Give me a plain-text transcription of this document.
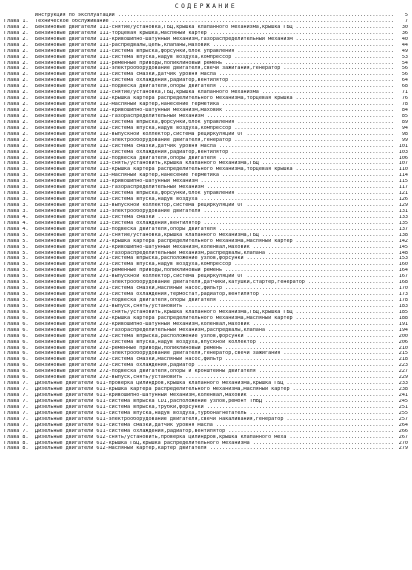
СОДЕРЖАНИЕ
Инструкция по эксплуатации .....	5
Глава 1.	Техническое обслуживание .....	7
Глава 2.	Бензиновые двигатели 111-снятие/установка,ГБЦ,крышка клапанного механизма,крышка ГБЦ .....	30
Глава 2.	Бензиновые двигатели 111-торцевая крышка,масляный картер .....	36
Глава 2.	Бензиновые двигатели 111-кривошипно-шатунный механизм,газораспределительный механизм .....	40
Глава 2.	Бензиновые двигатели 111-распредвалы,цепь,клапаны,маховик .....	44
Глава 2.	Бензиновые двигатели 111-система впрыска,форсунки,блок управления .....	49
Глава 2.	Бензиновые двигатели 111-система впуска,надув воздуха,компрессор .....	53
Глава 2.	Бензиновые двигатели 111-ременные приводы,поликлиновый ремень .....	54
Глава 2.	Бензиновые двигатели 111-электрооборудование двигателя,свечи зажигания,генератор .....	56
Глава 2.	Бензиновые двигатели 111-система смазки,датчик уровня масла .....	56
Глава 2.	Бензиновые двигатели 111-система охлаждения,радиатор,вентилятор .....	64
Глава 2.	Бензиновые двигатели 111-подвеска двигателя,опоры двигателя .....	68
Глава 2.	Бензиновые двигатели 112-снятие/установка,ГБЦ,крышка клапанного механизма .....	71
Глава 2.	Бензиновые двигатели 112-крышка картера распределительного механизма,торцевая крышка .....	76
Глава 2.	Бензиновые двигатели 112-масляный картер,нанесение герметика .....	78
Глава 2.	Бензиновые двигатели 112-кривошипно-шатунный механизм,маховик .....	84
Глава 2.	Бензиновые двигатели 112-газораспределительный механизм .....	85
Глава 2.	Бензиновые двигатели 112-система впрыска,форсунки,блок управления .....	89
Глава 2.	Бензиновые двигатели 112-система впуска,надув воздуха,компрессор .....	94
Глава 2.	Бензиновые двигатели 112-выпускной коллектор,система рециркуляции ОГ .....	98
Глава 2.	Бензиновые двигатели 112-электрооборудование двигателя,генератор .....	99
Глава 2.	Бензиновые двигатели 112-система смазки,датчик уровня масла .....	101
Глава 2.	Бензиновые двигатели 112-система охлаждения,радиатор,вентилятор .....	103
Глава 2.	Бензиновые двигатели 112-подвеска двигателя,опоры двигателя .....	106
Глава 3.	Бензиновые двигатели 113-снять/установить,крышка клапанного механизма,ГБЦ .....	107
Глава 3.	Бензиновые двигатели 113-крышка картера распределительного механизма,торцевая крышка .....	110
Глава 3.	Бензиновые двигатели 113-масляный картер,нанесение герметика .....	114
Глава 3.	Бензиновые двигатели 113-кривошипно-шатунный механизм .....	115
Глава 3.	Бензиновые двигатели 113-газораспределительный механизм .....	117
Глава 3.	Бензиновые двигатели 113-система впрыска,форсунки,блок управления .....	121
Глава 3.	Бензиновые двигатели 113-система впуска,надув воздуха .....	126
Глава 3.	Бензиновые двигатели 113-выпускной коллектор,система рециркуляции ОГ .....	129
Глава 3.	Бензиновые двигатели 113-электрооборудование двигателя .....	131
Глава 4.	Бензиновые двигатели 113-система смазки .....	133
Глава 4.	Бензиновые двигатели 113-система охлаждения,вентилятор .....	135
Глава 4.	Бензиновые двигатели 113-подвеска двигателя,опоры двигателя .....	137
Глава 5.	Бензиновые двигатели 271-снятие/установка,крышка клапанного механизма,ГБЦ .....	138
Глава 5.	Бензиновые двигатели 271-крышка картера распределительного механизма,масляный картер .....	142
Глава 5.	Бензиновые двигатели 271-кривошипно-шатунный механизм,коленвал,маховик .....	145
Глава 5.	Бензиновые двигатели 271-газораспределительный механизм,распредвалы,клапана .....	148
Глава 5.	Бензиновые двигатели 271-система впрыска,расположение узлов,форсунки .....	153
Глава 5.	Бензиновые двигатели 271-система впуска,надув воздуха,компрессор .....	160
Глава 5.	Бензиновые двигатели 271-ременные приводы,поликлиновый ремень .....	164
Глава 5.	Бензиновые двигатели 271-выпускной коллектор,система рециркуляции ОГ .....	167
Глава 5.	Бензиновые двигатели 271-электрооборудование двигателя,датчики,катушки,стартер,генератор .....	168
Глава 5.	Бензиновые двигатели 271-система смазки,масляный насос,фильтр .....	170
Глава 5.	Бензиновые двигатели 271-система охлаждения,термостат,радиатор,вентилятор .....	173
Глава 5.	Бензиновые двигатели 271-подвеска двигателя,опоры двигателя .....	178
Глава 5.	Бензиновые двигатели 271-выпуск,снять/установить .....	183
Глава 6.	Бензиновые двигатели 272-снять/установить,крышка клапанного механизма,ГБЦ,крышка ГБЦ .....	185
Глава 6.	Бензиновые двигатели 272-крышка картера распределительного механизма,масляный картер .....	188
Глава 6.	Бензиновые двигатели 272-кривошипно-шатунный механизм,коленвал,маховик .....	191
Глава 6.	Бензиновые двигатели 272-газораспределительный механизм,распредвалы,клапана .....	194
Глава 6.	Бензиновые двигатели 272-система впрыска,расположение узлов,форсунки .....	200
Глава 6.	Бензиновые двигатели 272-система впуска,надув воздуха,впускной коллектор .....	206
Глава 6.	Бензиновые двигатели 272-ременные приводы,поликлиновый ремень .....	210
Глава 6.	Бензиновые двигатели 272-электрооборудование двигателя,генератор,свечи зажигания .....	215
Глава 6.	Бензиновые двигатели 272-система смазки,масляный насос,фильтр .....	218
Глава 6.	Бензиновые двигатели 272-система охлаждения,радиатор .....	223
Глава 6.	Бензиновые двигатели 272-подвеска двигателя,опоры и кронштейны двигателя .....	227
Глава 6.	Бензиновые двигатели 272-выпуск,снять/установить .....	229
Глава 7.	Дизельные двигатели 611-проверка цилиндров,крышка клапанного механизма,крышка ГБЦ .....	233
Глава 7.	Дизельные двигатели 611-крышка картера распределительного механизма,масляный картер .....	238
Глава 7.	Дизельные двигатели 611-кривошипно-шатунный механизм,коленвал,маховик .....	241
Глава 7.	Дизельные двигатели 611-система впрыска CDI,расположение узлов,ремонт ТНВД .....	245
Глава 7.	Дизельные двигатели 611-система впрыска,трубки,форсунки .....	251
Глава 7.	Дизельные двигатели 611-система впуска,надув воздуха,турбонагнетатель .....	255
Глава 7.	Дизельные двигатели 611-электрооборудование двигателя,свечи накаливания,генератор .....	257
Глава 7.	Дизельные двигатели 611-система смазки,датчик уровня масла .....	264
Глава 7.	Дизельные двигатели 611-система охлаждения,радиатор,вентилятор .....	266
Глава 8.	Дизельные двигатели 612-снять/установить,проверка цилиндров,крышка клапанного меха .....	267
Глава 8.	Дизельные двигатели 612-крышка ГБЦ,крышка распределительного механизма .....	270
Глава 8.	Дизельные двигатели 612-масляный картер,картер двигателя .....	279
